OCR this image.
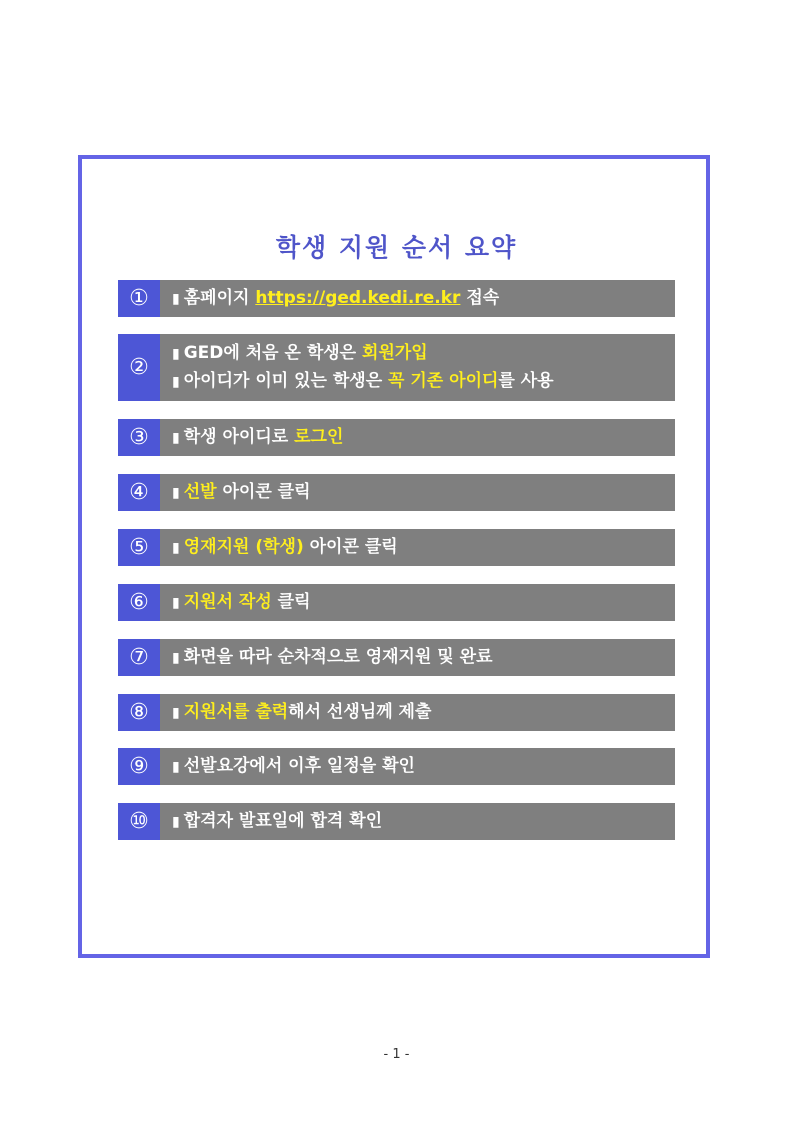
학생 지원 순서 요약
①	▮ 홈페이지 https://ged.kedi.re.kr 접속
②
▮ GED에 처음 온 학생은 회원가입
▮ 아이디가 이미 있는 학생은 꼭 기존 아이디를 사용
③	▮ 학생 아이디로 로그인
④	▮ 선발 아이콘 클릭
⑤	▮ 영재지원 (학생) 아이콘 클릭
⑥	▮ 지원서 작성 클릭
⑦	▮ 화면을 따라 순차적으로 영재지원 및 완료
⑧	▮ 지원서를 출력해서 선생님께 제출
⑨	▮ 선발요강에서 이후 일정을 확인
⑩	▮ 합격자 발표일에 합격 확인
- 1 -
